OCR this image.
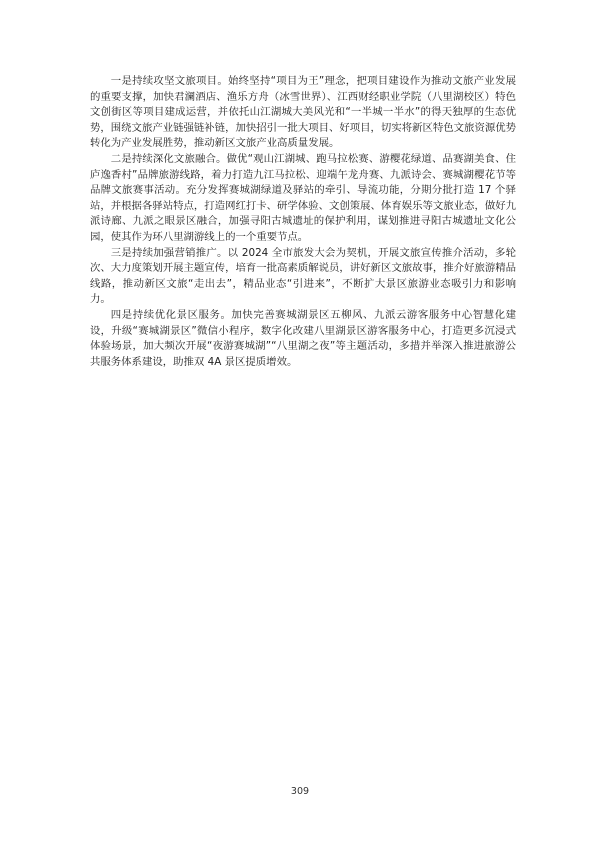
一是持续攻坚文旅项目。始终坚持“项目为王”理念，把项目建设作为推动文旅产业发展的重要支撑，加快君澜酒店、渔乐方舟（冰雪世界）、江西财经职业学院（八里湖校区）特色文创街区等项目建成运营，并依托山江湖城大美风光和“一半城一半水”的得天独厚的生态优势，围绕文旅产业链强链补链，加快招引一批大项目、好项目，切实将新区特色文旅资源优势转化为产业发展胜势，推动新区文旅产业高质量发展。

二是持续深化文旅融合。做优“观山江湖城、跑马拉松赛、游樱花绿道、品赛湖美食、住庐逸香村”品牌旅游线路，着力打造九江马拉松、迎端午龙舟赛、九派诗会、赛城湖樱花节等品牌文旅赛事活动。充分发挥赛城湖绿道及驿站的牵引、导流功能，分期分批打造 17 个驿站，并根据各驿站特点，打造网红打卡、研学体验、文创策展、体育娱乐等文旅业态，做好九派诗廊、九派之眼景区融合，加强寻阳古城遗址的保护利用，谋划推进寻阳古城遗址文化公园，使其作为环八里湖游线上的一个重要节点。

三是持续加强营销推广。以 2024 全市旅发大会为契机，开展文旅宣传推介活动，多轮次、大力度策划开展主题宣传，培育一批高素质解说员，讲好新区文旅故事，推介好旅游精品线路，推动新区文旅“走出去”，精品业态“引进来”，不断扩大景区旅游业态吸引力和影响力。

四是持续优化景区服务。加快完善赛城湖景区五柳风、九派云游客服务中心智慧化建设，升级“赛城湖景区”微信小程序，数字化改建八里湖景区游客服务中心，打造更多沉浸式体验场景，加大频次开展“夜游赛城湖”“八里湖之夜”等主题活动，多措并举深入推进旅游公共服务体系建设，助推双 4A 景区提质增效。

309
